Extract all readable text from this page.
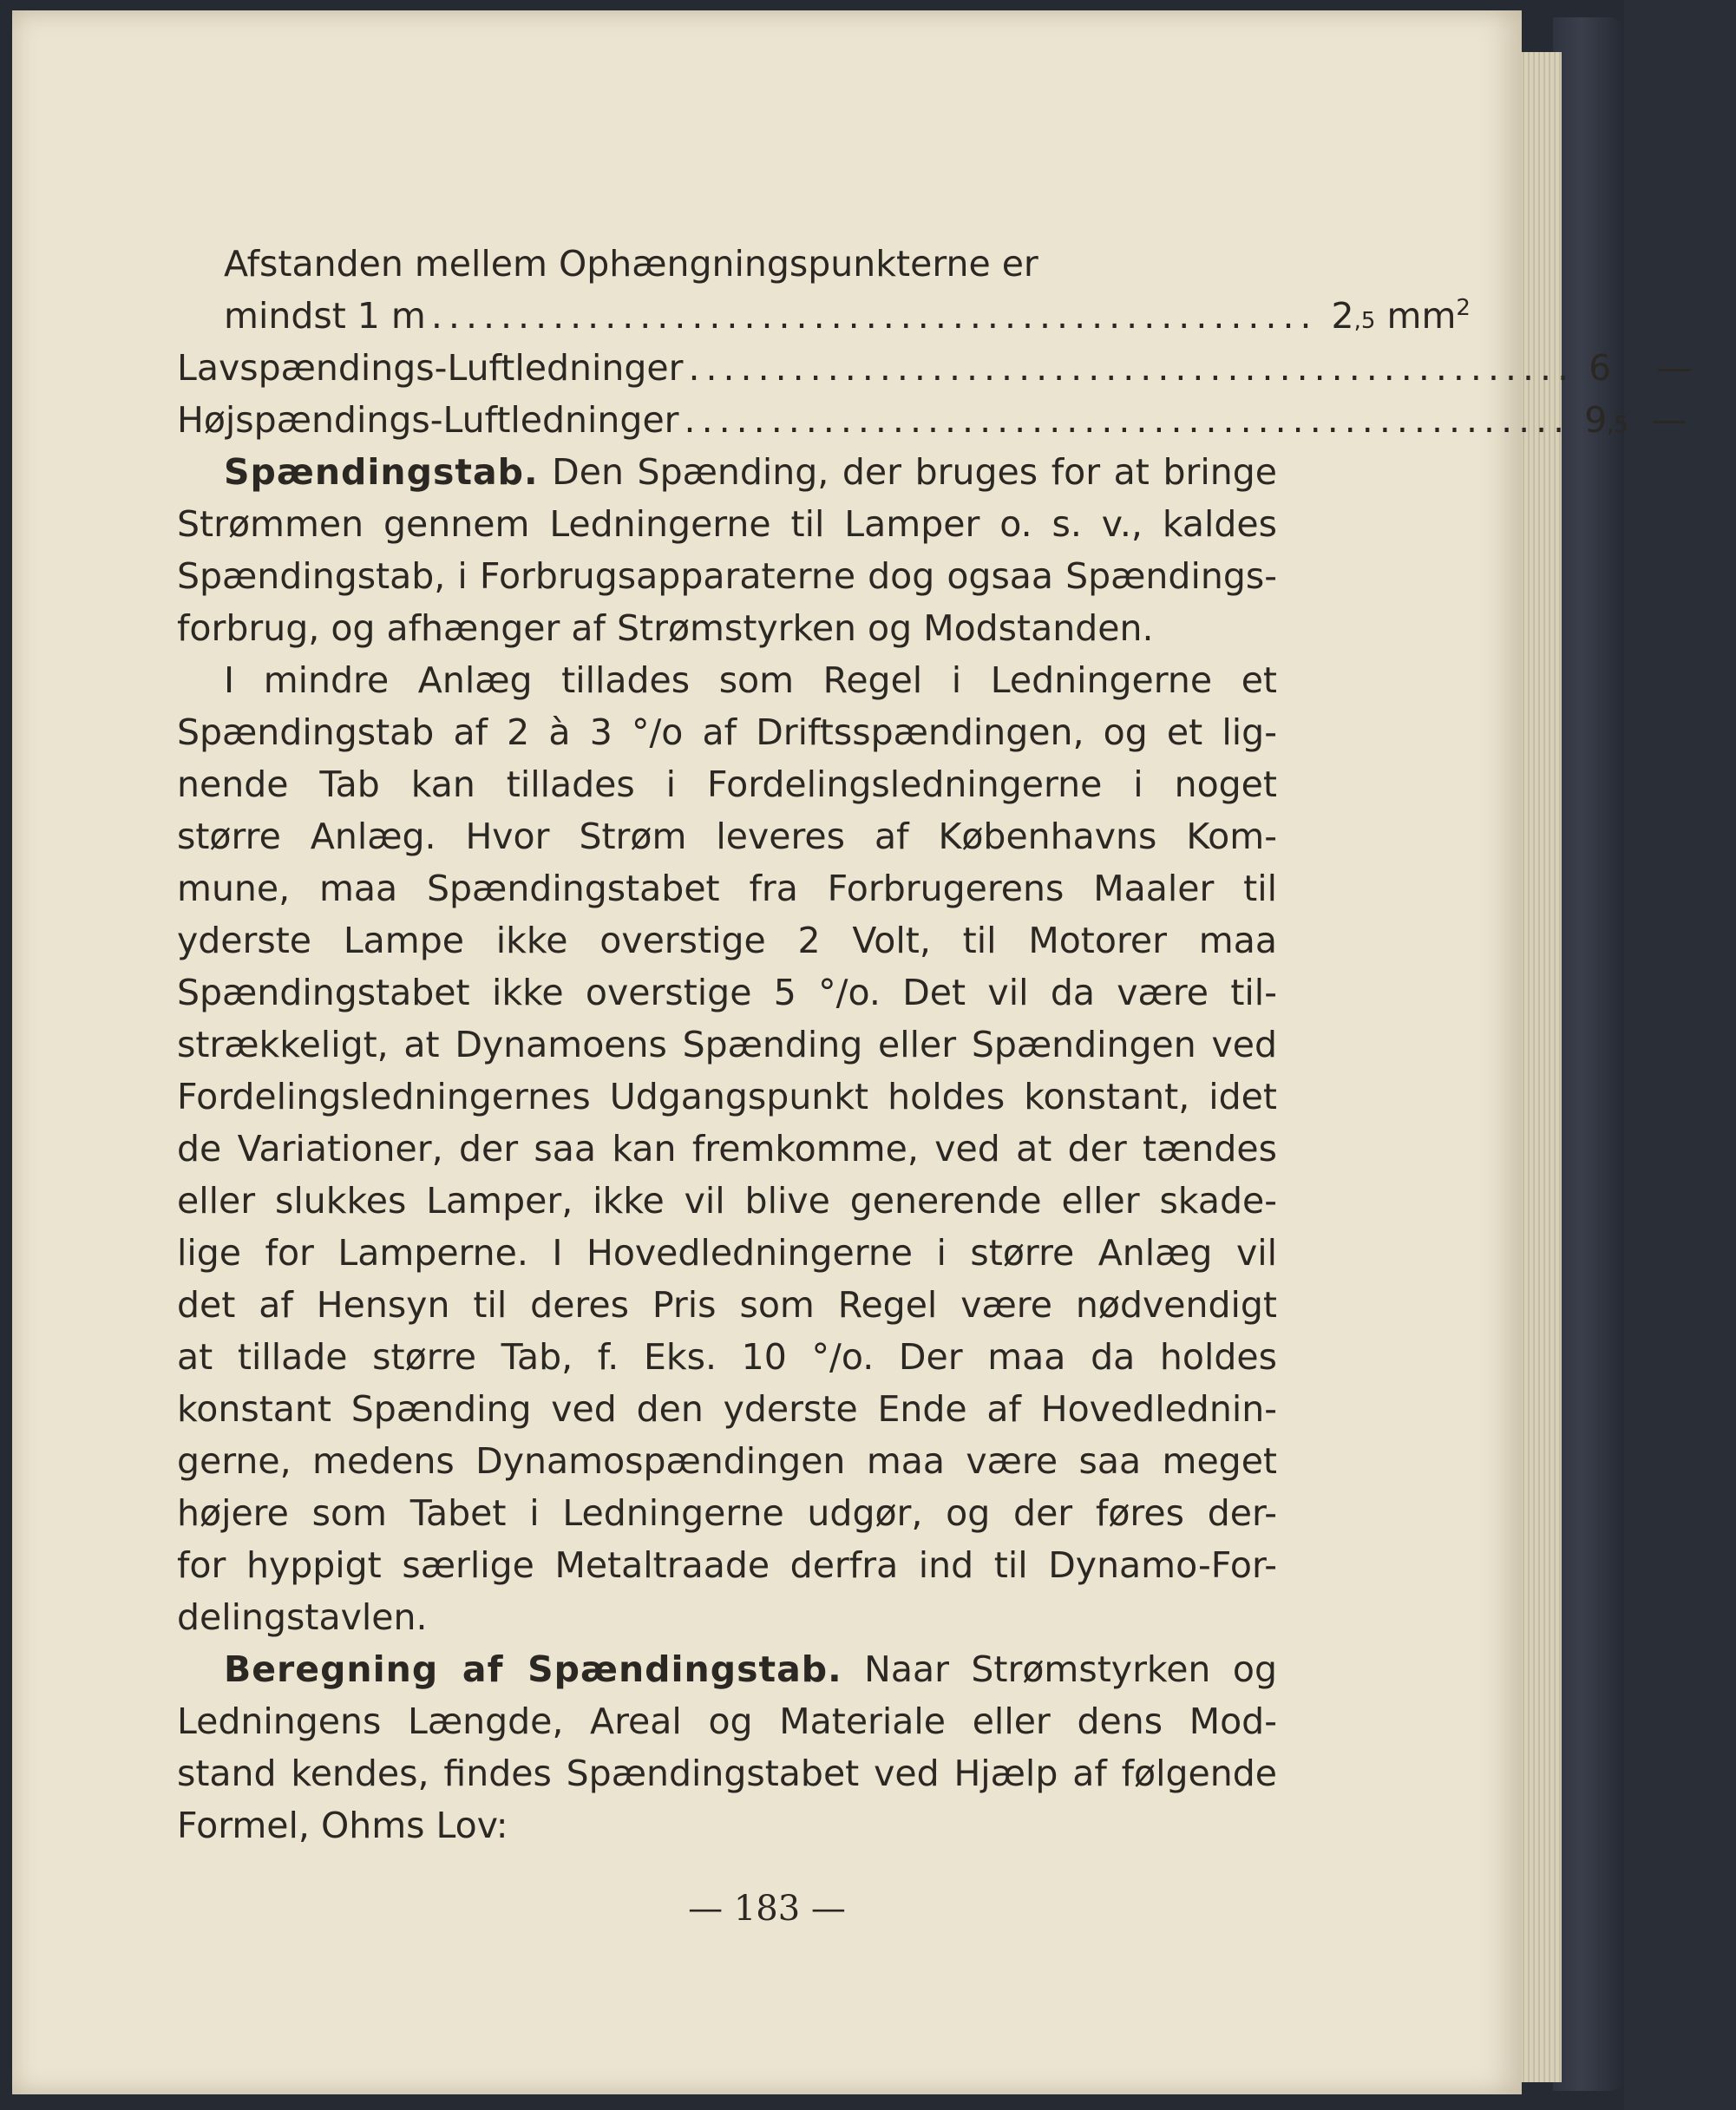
Afstanden mellem Ophængningspunkterne er
mindst 1 m ................................................... 2,5 $mm^2$
Lavspændings-Luftledninger ................................................... 6 —
Højspændings-Luftledninger ................................................... 9,5 —
Spændingstab. Den Spænding, der bruges for at bringe
Strømmen gennem Ledningerne til Lamper o. s. v., kaldes
Spændingstab, i Forbrugsapparaterne dog ogsaa Spændings-
forbrug, og afhænger af Strømstyrken og Modstanden.
I mindre Anlæg tillades som Regel i Ledningerne et
Spændingstab af 2 à 3 °/o af Driftsspændingen, og et lig-
nende Tab kan tillades i Fordelingsledningerne i noget
større Anlæg. Hvor Strøm leveres af Københavns Kom-
mune, maa Spændingstabet fra Forbrugerens Maaler til
yderste Lampe ikke overstige 2 Volt, til Motorer maa
Spændingstabet ikke overstige 5 °/o. Det vil da være til-
strækkeligt, at Dynamoens Spænding eller Spændingen ved
Fordelingsledningernes Udgangspunkt holdes konstant, idet
de Variationer, der saa kan fremkomme, ved at der tændes
eller slukkes Lamper, ikke vil blive generende eller skade-
lige for Lamperne. I Hovedledningerne i større Anlæg vil
det af Hensyn til deres Pris som Regel være nødvendigt
at tillade større Tab, f. Eks. 10 °/o. Der maa da holdes
konstant Spænding ved den yderste Ende af Hovedlednin-
gerne, medens Dynamospændingen maa være saa meget
højere som Tabet i Ledningerne udgør, og der føres der-
for hyppigt særlige Metaltraade derfra ind til Dynamo-For-
delingstavlen.
Beregning af Spændingstab. Naar Strømstyrken og
Ledningens Længde, Areal og Materiale eller dens Mod-
stand kendes, findes Spændingstabet ved Hjælp af følgende
Formel, Ohms Lov:
— 183 —
